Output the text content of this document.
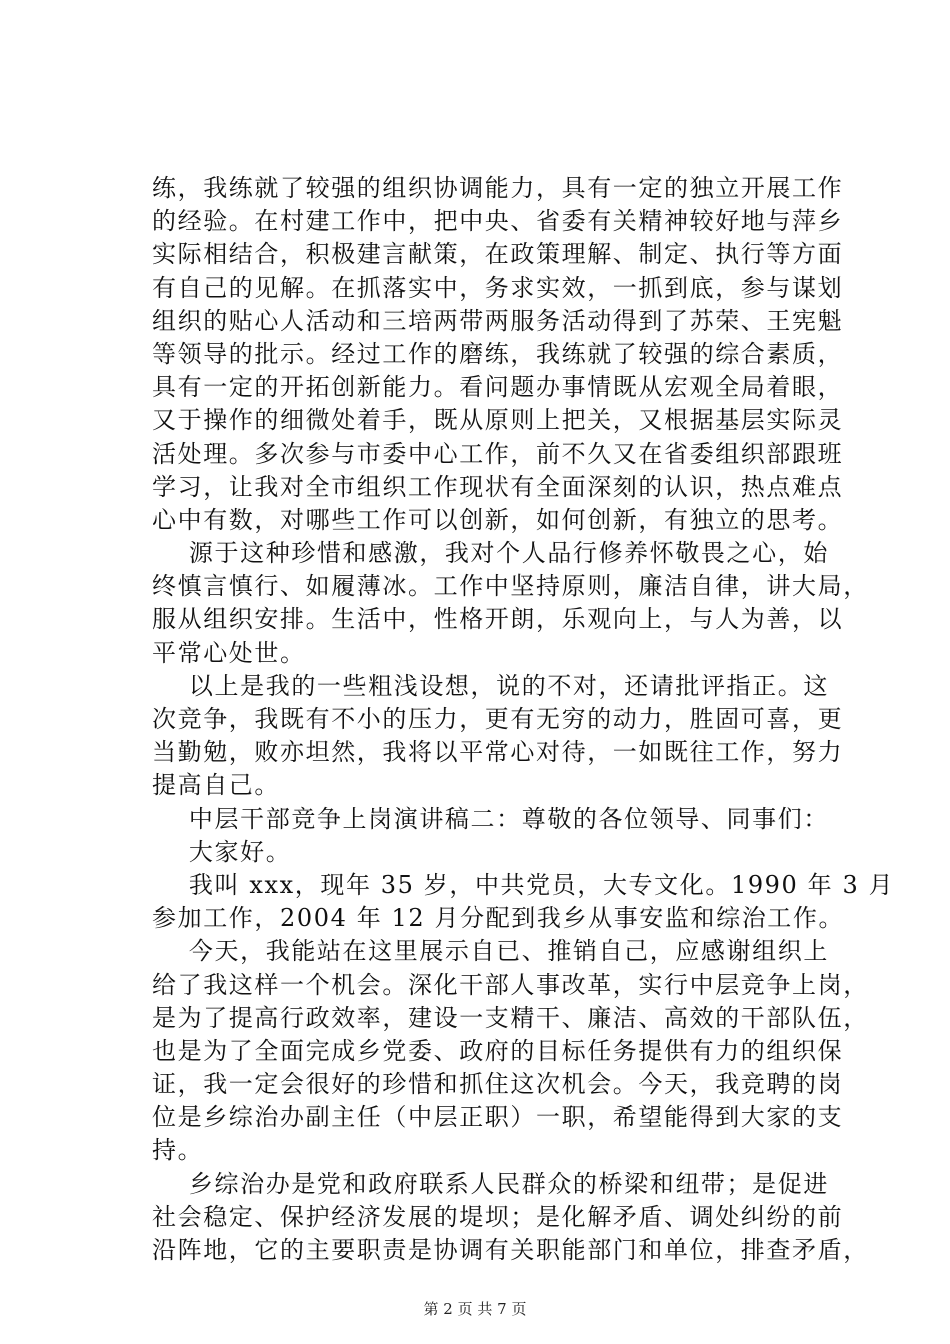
练，我练就了较强的组织协调能力，具有一定的独立开展工作
的经验。在村建工作中，把中央、省委有关精神较好地与萍乡
实际相结合，积极建言献策，在政策理解、制定、执行等方面
有自己的见解。在抓落实中，务求实效，一抓到底，参与谋划
组织的贴心人活动和三培两带两服务活动得到了苏荣、王宪魁
等领导的批示。经过工作的磨练，我练就了较强的综合素质，
具有一定的开拓创新能力。看问题办事情既从宏观全局着眼，
又于操作的细微处着手，既从原则上把关，又根据基层实际灵
活处理。多次参与市委中心工作，前不久又在省委组织部跟班
学习，让我对全市组织工作现状有全面深刻的认识，热点难点
心中有数，对哪些工作可以创新，如何创新，有独立的思考。
源于这种珍惜和感激，我对个人品行修养怀敬畏之心，始
终慎言慎行、如履薄冰。工作中坚持原则，廉洁自律，讲大局，
服从组织安排。生活中，性格开朗，乐观向上，与人为善，以
平常心处世。
以上是我的一些粗浅设想，说的不对，还请批评指正。这
次竞争，我既有不小的压力，更有无穷的动力，胜固可喜，更
当勤勉，败亦坦然，我将以平常心对待，一如既往工作，努力
提高自己。
中层干部竞争上岗演讲稿二：尊敬的各位领导、同事们：
大家好。
我叫 xxx，现年 35 岁，中共党员，大专文化。1990 年 3 月
参加工作，2004 年 12 月分配到我乡从事安监和综治工作。
今天，我能站在这里展示自已、推销自己，应感谢组织上
给了我这样一个机会。深化干部人事改革，实行中层竞争上岗，
是为了提高行政效率，建设一支精干、廉洁、高效的干部队伍，
也是为了全面完成乡党委、政府的目标任务提供有力的组织保
证，我一定会很好的珍惜和抓住这次机会。今天，我竞聘的岗
位是乡综治办副主任（中层正职）一职，希望能得到大家的支
持。
乡综治办是党和政府联系人民群众的桥梁和纽带；是促进
社会稳定、保护经济发展的堤坝；是化解矛盾、调处纠纷的前
沿阵地，它的主要职责是协调有关职能部门和单位，排查矛盾，
第 2 页 共 7 页
